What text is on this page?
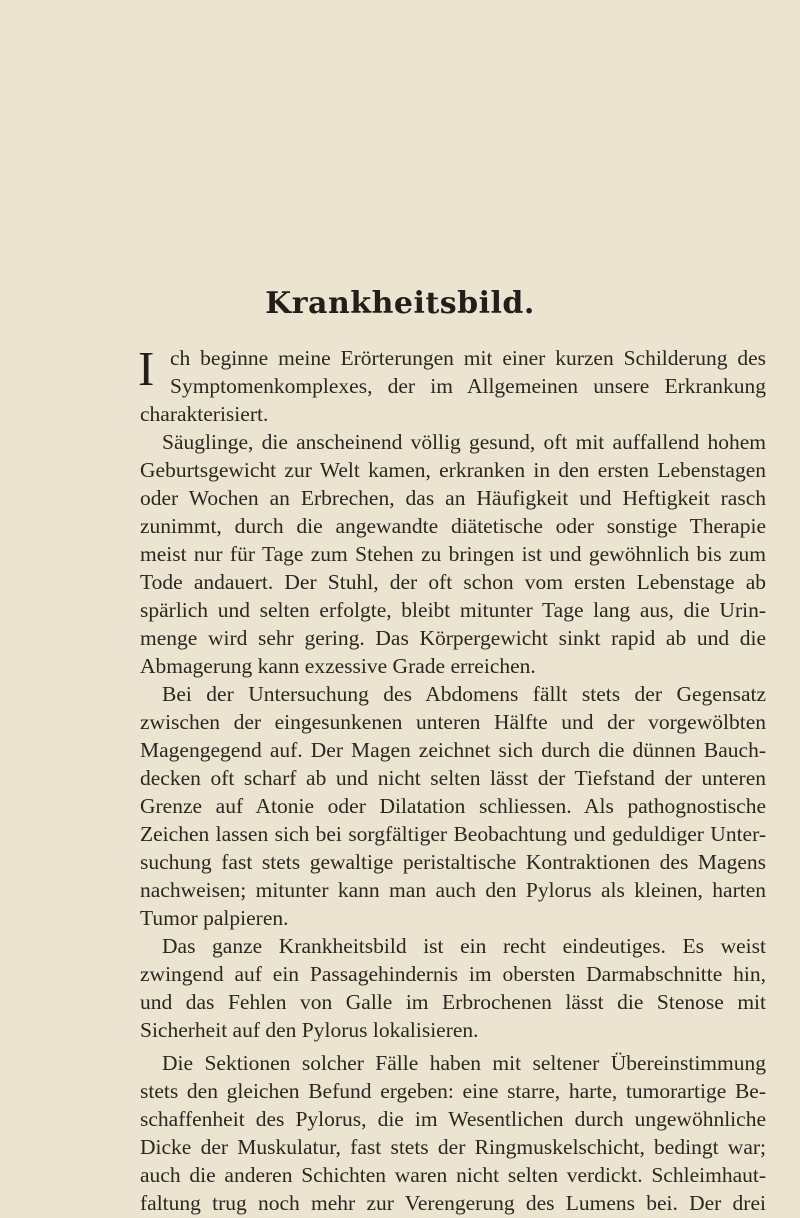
Krankheitsbild.
I ch beginne meine Erörterungen mit einer kurzen Schilderung des
Symptomenkomplexes, der im Allgemeinen unsere Erkrankung
charakterisiert.
Säuglinge, die anscheinend völlig gesund, oft mit auffallend hohem
Geburtsgewicht zur Welt kamen, erkranken in den ersten Lebenstagen
oder Wochen an Erbrechen, das an Häufigkeit und Heftigkeit rasch
zunimmt, durch die angewandte diätetische oder sonstige Therapie
meist nur für Tage zum Stehen zu bringen ist und gewöhnlich bis zum
Tode andauert. Der Stuhl, der oft schon vom ersten Lebenstage ab
spärlich und selten erfolgte, bleibt mitunter Tage lang aus, die Urin-
menge wird sehr gering. Das Körpergewicht sinkt rapid ab und die
Abmagerung kann exzessive Grade erreichen.
Bei der Untersuchung des Abdomens fällt stets der Gegensatz
zwischen der eingesunkenen unteren Hälfte und der vorgewölbten
Magengegend auf. Der Magen zeichnet sich durch die dünnen Bauch-
decken oft scharf ab und nicht selten lässt der Tiefstand der unteren
Grenze auf Atonie oder Dilatation schliessen. Als pathognostische
Zeichen lassen sich bei sorgfältiger Beobachtung und geduldiger Unter-
suchung fast stets gewaltige peristaltische Kontraktionen des Magens
nachweisen; mitunter kann man auch den Pylorus als kleinen, harten
Tumor palpieren.
Das ganze Krankheitsbild ist ein recht eindeutiges. Es weist
zwingend auf ein Passagehindernis im obersten Darmabschnitte hin,
und das Fehlen von Galle im Erbrochenen lässt die Stenose mit
Sicherheit auf den Pylorus lokalisieren.
Die Sektionen solcher Fälle haben mit seltener Übereinstimmung
stets den gleichen Befund ergeben: eine starre, harte, tumorartige Be-
schaffenheit des Pylorus, die im Wesentlichen durch ungewöhnliche
Dicke der Muskulatur, fast stets der Ringmuskelschicht, bedingt war;
auch die anderen Schichten waren nicht selten verdickt. Schleimhaut-
faltung trug noch mehr zur Verengerung des Lumens bei. Der drei
